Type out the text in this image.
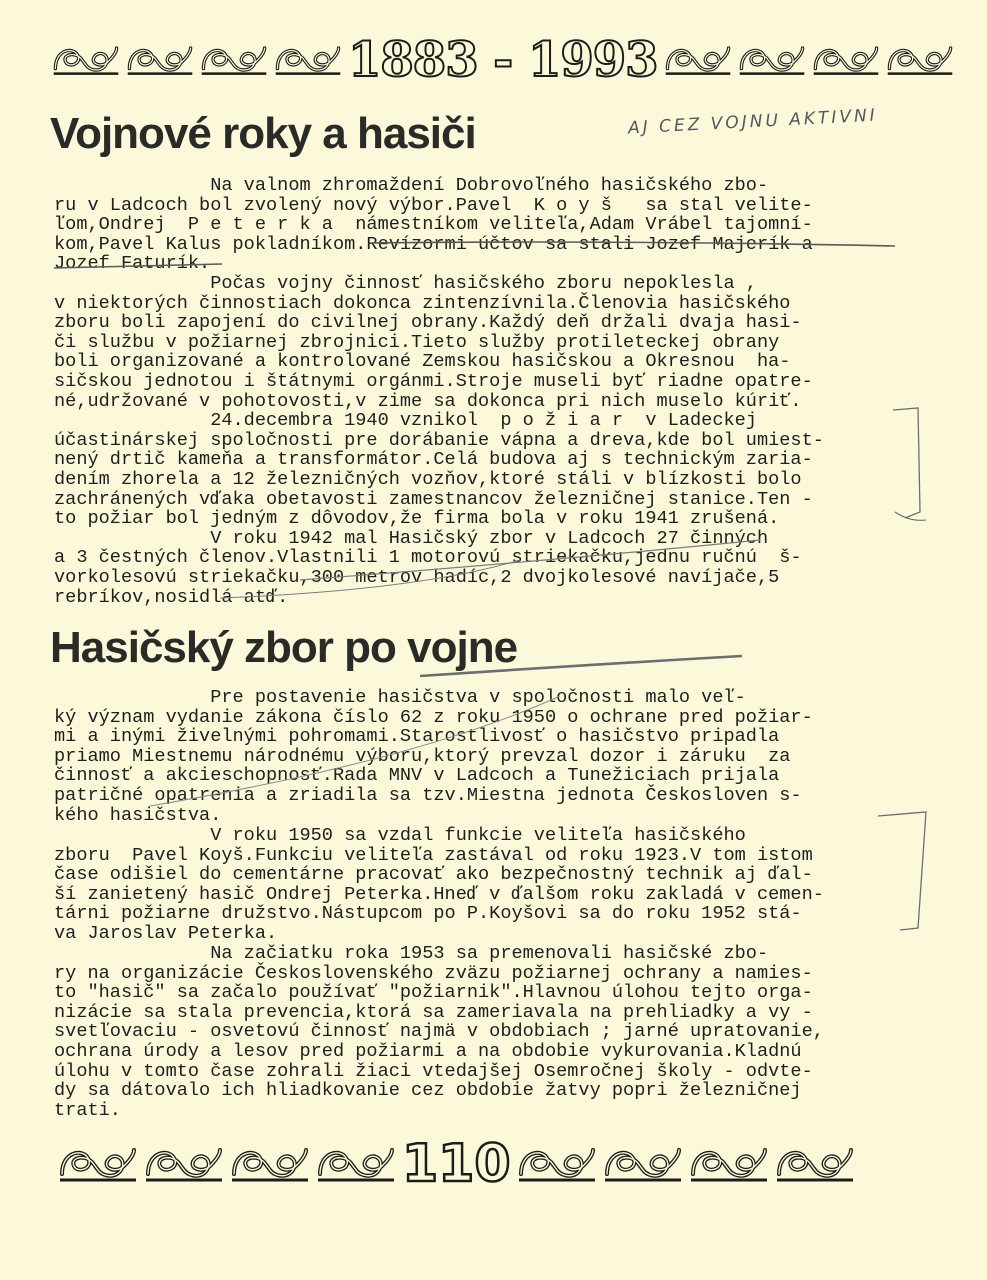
1883 - 1993
Vojnové roky a hasiči	AJ CEZ VOJNU AKTIVNI

Na valnom zhromaždení Dobrovoľného hasičského zbo-
ru v Ladcoch bol zvolený nový výbor.Pavel  K o y š   sa stal velite-
ľom,Ondrej  P e t e r k a  námestníkom veliteľa,Adam Vrábel tajomní-
kom,Pavel Kalus pokladníkom.Revízormi účtov sa stali Jozef Majerík a
Jozef Faturík.

Počas vojny činnosť hasičského zboru nepoklesla ,
v niektorých činnostiach dokonca zintenzívnila.Členovia hasičského
zboru boli zapojení do civilnej obrany.Každý deň držali dvaja hasi-
či službu v požiarnej zbrojnici.Tieto služby protileteckej obrany
boli organizované a kontrolované Zemskou hasičskou a Okresnou  ha-
sičskou jednotou i štátnymi orgánmi.Stroje museli byť riadne opatre-
né,udržované v pohotovosti,v zime sa dokonca pri nich muselo kúriť.
24.decembra 1940 vznikol  p o ž i a r  v Ladeckej
účastinárskej spoločnosti pre dorábanie vápna a dreva,kde bol umiest-
nený drtič kameňa a transformátor.Celá budova aj s technickým zaria-
dením zhorela a 12 železničných vozňov,ktoré stáli v blízkosti bolo
zachránených vďaka obetavosti zamestnancov železničnej stanice.Ten -
to požiar bol jedným z dôvodov,že firma bola v roku 1941 zrušená.
V roku 1942 mal Hasičský zbor v Ladcoch 27 činných
a 3 čestných členov.Vlastnili 1 motorovú striekačku,jednu ručnú  š-
vorkolesovú striekačku,300 metrov hadíc,2 dvojkolesové navíjače,5
rebríkov,nosidlá atď.

Hasičský zbor po vojne

Pre postavenie hasičstva v spoločnosti malo veľ-
ký význam vydanie zákona číslo 62 z roku 1950 o ochrane pred požiar-
mi a inými živelnými pohromami.Starostlivosť o hasičstvo pripadla
priamo Miestnemu národnému výboru,ktorý prevzal dozor i záruku  za
činnosť a akcieschopnosť.Rada MNV v Ladcoch a Tunežiciach prijala
patričné opatrenia a zriadila sa tzv.Miestna jednota Českosloven s-
kého hasičstva.

V roku 1950 sa vzdal funkcie veliteľa hasičského
zboru  Pavel Koyš.Funkciu veliteľa zastával od roku 1923.V tom istom
čase odišiel do cementárne pracovať ako bezpečnostný technik aj ďal-
ší zanietený hasič Ondrej Peterka.Hneď v ďalšom roku zakladá v cemen-
tárni požiarne družstvo.Nástupcom po P.Koyšovi sa do roku 1952 stá-
va Jaroslav Peterka.

Na začiatku roka 1953 sa premenovali hasičské zbo-
ry na organizácie Československého zväzu požiarnej ochrany a namies-
to "hasič" sa začalo používať "požiarnik".Hlavnou úlohou tejto orga-
nizácie sa stala prevencia,ktorá sa zameriavala na prehliadky a vy -
svetľovaciu - osvetovú činnosť najmä v obdobiach ; jarné upratovanie,
ochrana úrody a lesov pred požiarmi a na obdobie vykurovania.Kladnú
úlohu v tomto čase zohrali žiaci vtedajšej Osemročnej školy - odvte-
dy sa dátovalo ich hliadkovanie cez obdobie žatvy popri železničnej
trati.

110
